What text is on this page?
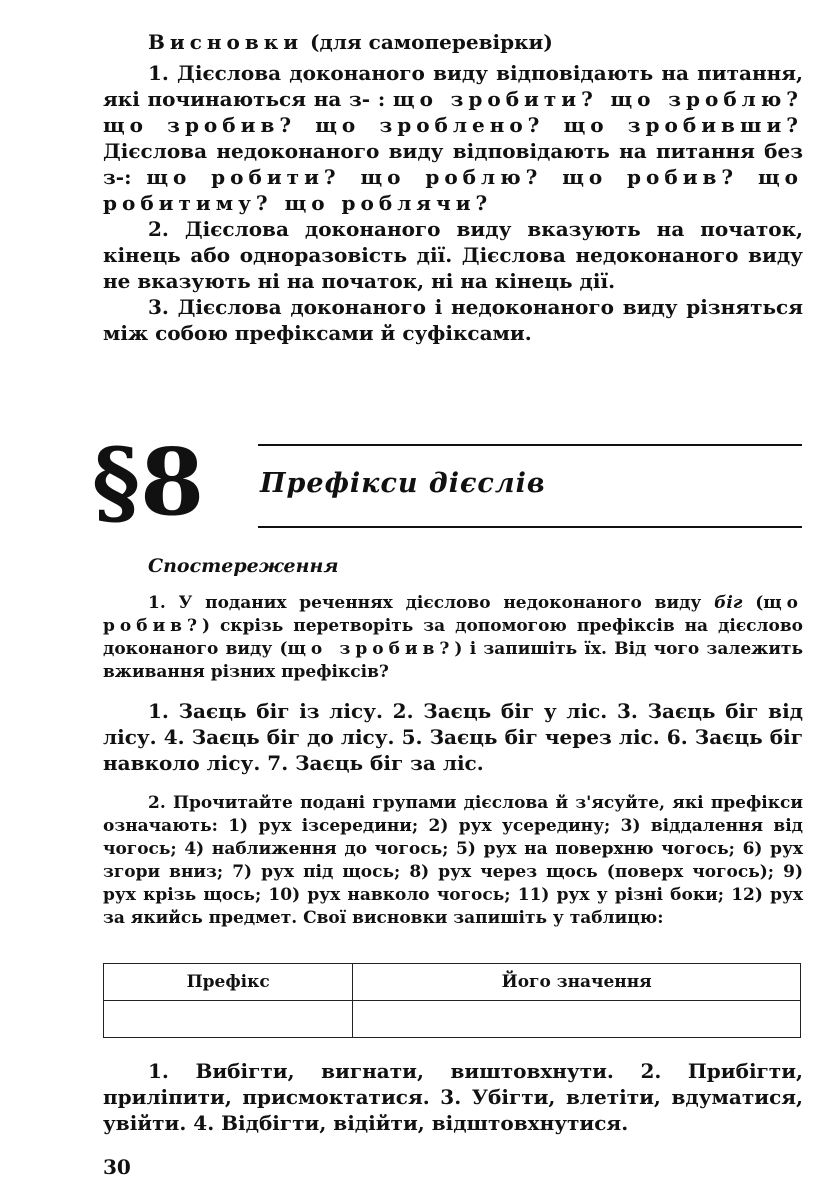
Висновки (для самоперевірки)

1. Дієслова доконаного виду відповідають на питання, які починаються на з- : що зробити? що зроблю? що зробив? що зроблено? що зробивши? Дієслова недоконаного виду відповідають на питання без з-: що робити? що роблю? що робив? що робитиму? що роблячи?

2. Дієслова доконаного виду вказують на початок, кінець або одноразовість дії. Дієслова недоконаного виду не вказують ні на початок, ні на кінець дії.

3. Дієслова доконаного і недоконаного виду різняться між собою префіксами й суфіксами.

§8 Префікси дієслів
Спостереження

1. У поданих реченнях дієслово недоконаного виду біг (що робив?) скрізь перетворіть за допомогою префіксів на дієслово доконаного виду (що зробив?) і запишіть їх. Від чого залежить вживання різних префіксів?

1. Заєць біг із лісу. 2. Заєць біг у ліс. 3. Заєць біг від лісу. 4. Заєць біг до лісу. 5. Заєць біг через ліс. 6. Заєць біг навколо лісу. 7. Заєць біг за ліс.

2. Прочитайте подані групами дієслова й з'ясуйте, які префікси означають: 1) рух ізсередини; 2) рух усередину; 3) віддалення від чогось; 4) наближення до чогось; 5) рух на поверхню чогось; 6) рух згори вниз; 7) рух під щось; 8) рух через щось (поверх чогось); 9) рух крізь щось; 10) рух навколо чогось; 11) рух у різні боки; 12) рух за якийсь предмет. Свої висновки запишіть у таблицю:

Префікс	Його значення

1. Вибігти, вигнати, виштовхнути. 2. Прибігти, приліпити, присмоктатися. 3. Убігти, влетіти, вдуматися, увійти. 4. Відбігти, відійти, відштовхнутися.

30
